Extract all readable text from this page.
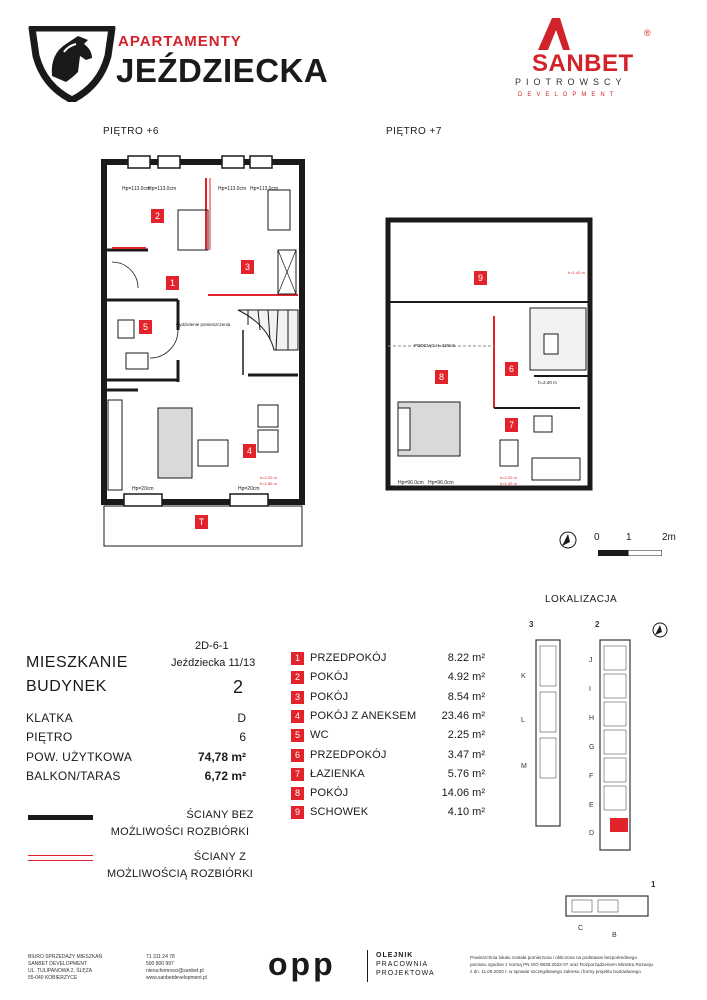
APARTAMENTY
JEŹDZIECKA	SANBET
®
PIOTROWSCY
DEVELOPMENT
PIĘTRO +6	PIĘTRO +7
Hp=113.0cm
Hp=113.0cm	Hp=113.0cm Hp=113.0cm
wydzielenie pomieszczenia
h=2.20 m
h=1.80 m
Hp=20cm	Hp=20cm
1
2
3
4
5
T
PODCIĄG H=220cm
h=2.40 m
h=1.40 m
h=2.20 m
h=1.40 m
Hp=96.0cm Hp=96.0cm
6
7
8
9
0	1	2m
LOKALIZACJA
3	2
1
K
L
M
J
I
H
G
F
E
D
C
B
2D-6-1
Jeździecka 11/13
MIESZKANIE
BUDYNEK	2
KLATKA	D
PIĘTRO	6
POW. UŻYTKOWA	74,78 m²
BALKON/TARAS	6,72 m²
1 PRZEDPOKÓJ	8.22 m²
2 POKÓJ	4.92 m²
3 POKÓJ	8.54 m²
4 POKÓJ Z ANEKSEM	23.46 m²
5 WC	2.25 m²
6 PRZEDPOKÓJ	3.47 m²
7 ŁAZIENKA	5.76 m²
8 POKÓJ	14.06 m²
9 SCHOWEK	4.10 m²
ŚCIANY BEZ
MOŻLIWOŚCI ROZBIÓRKI
ŚCIANY Z
MOŻLIWOŚCIĄ ROZBIÓRKI
BIURO SPRZEDAŻY MIESZKAŃ
SANBET DEVELOPMENT
UL. TULIPANOWA 2, ŚLĘZA
55-040 KOBIERZYCE
71 311 24 78
500 800 997
nieruchomosci@sanbet.pl
www.sanbetdevelopment.pl	opp	OLEJNIK
PRACOWNIA
PROJEKTOWA
Powierzchnia lokalu została pomierzona i obliczona na podstawie bezpośredniego
pomiaru zgodnie z normą PN ISO 9836:2022-07 oraz Rozporządzeniem Ministra Rozwoju
z dn. 11.09.2020 r. w sprawie szczegółowego zakresu i formy projektu budowlanego.
